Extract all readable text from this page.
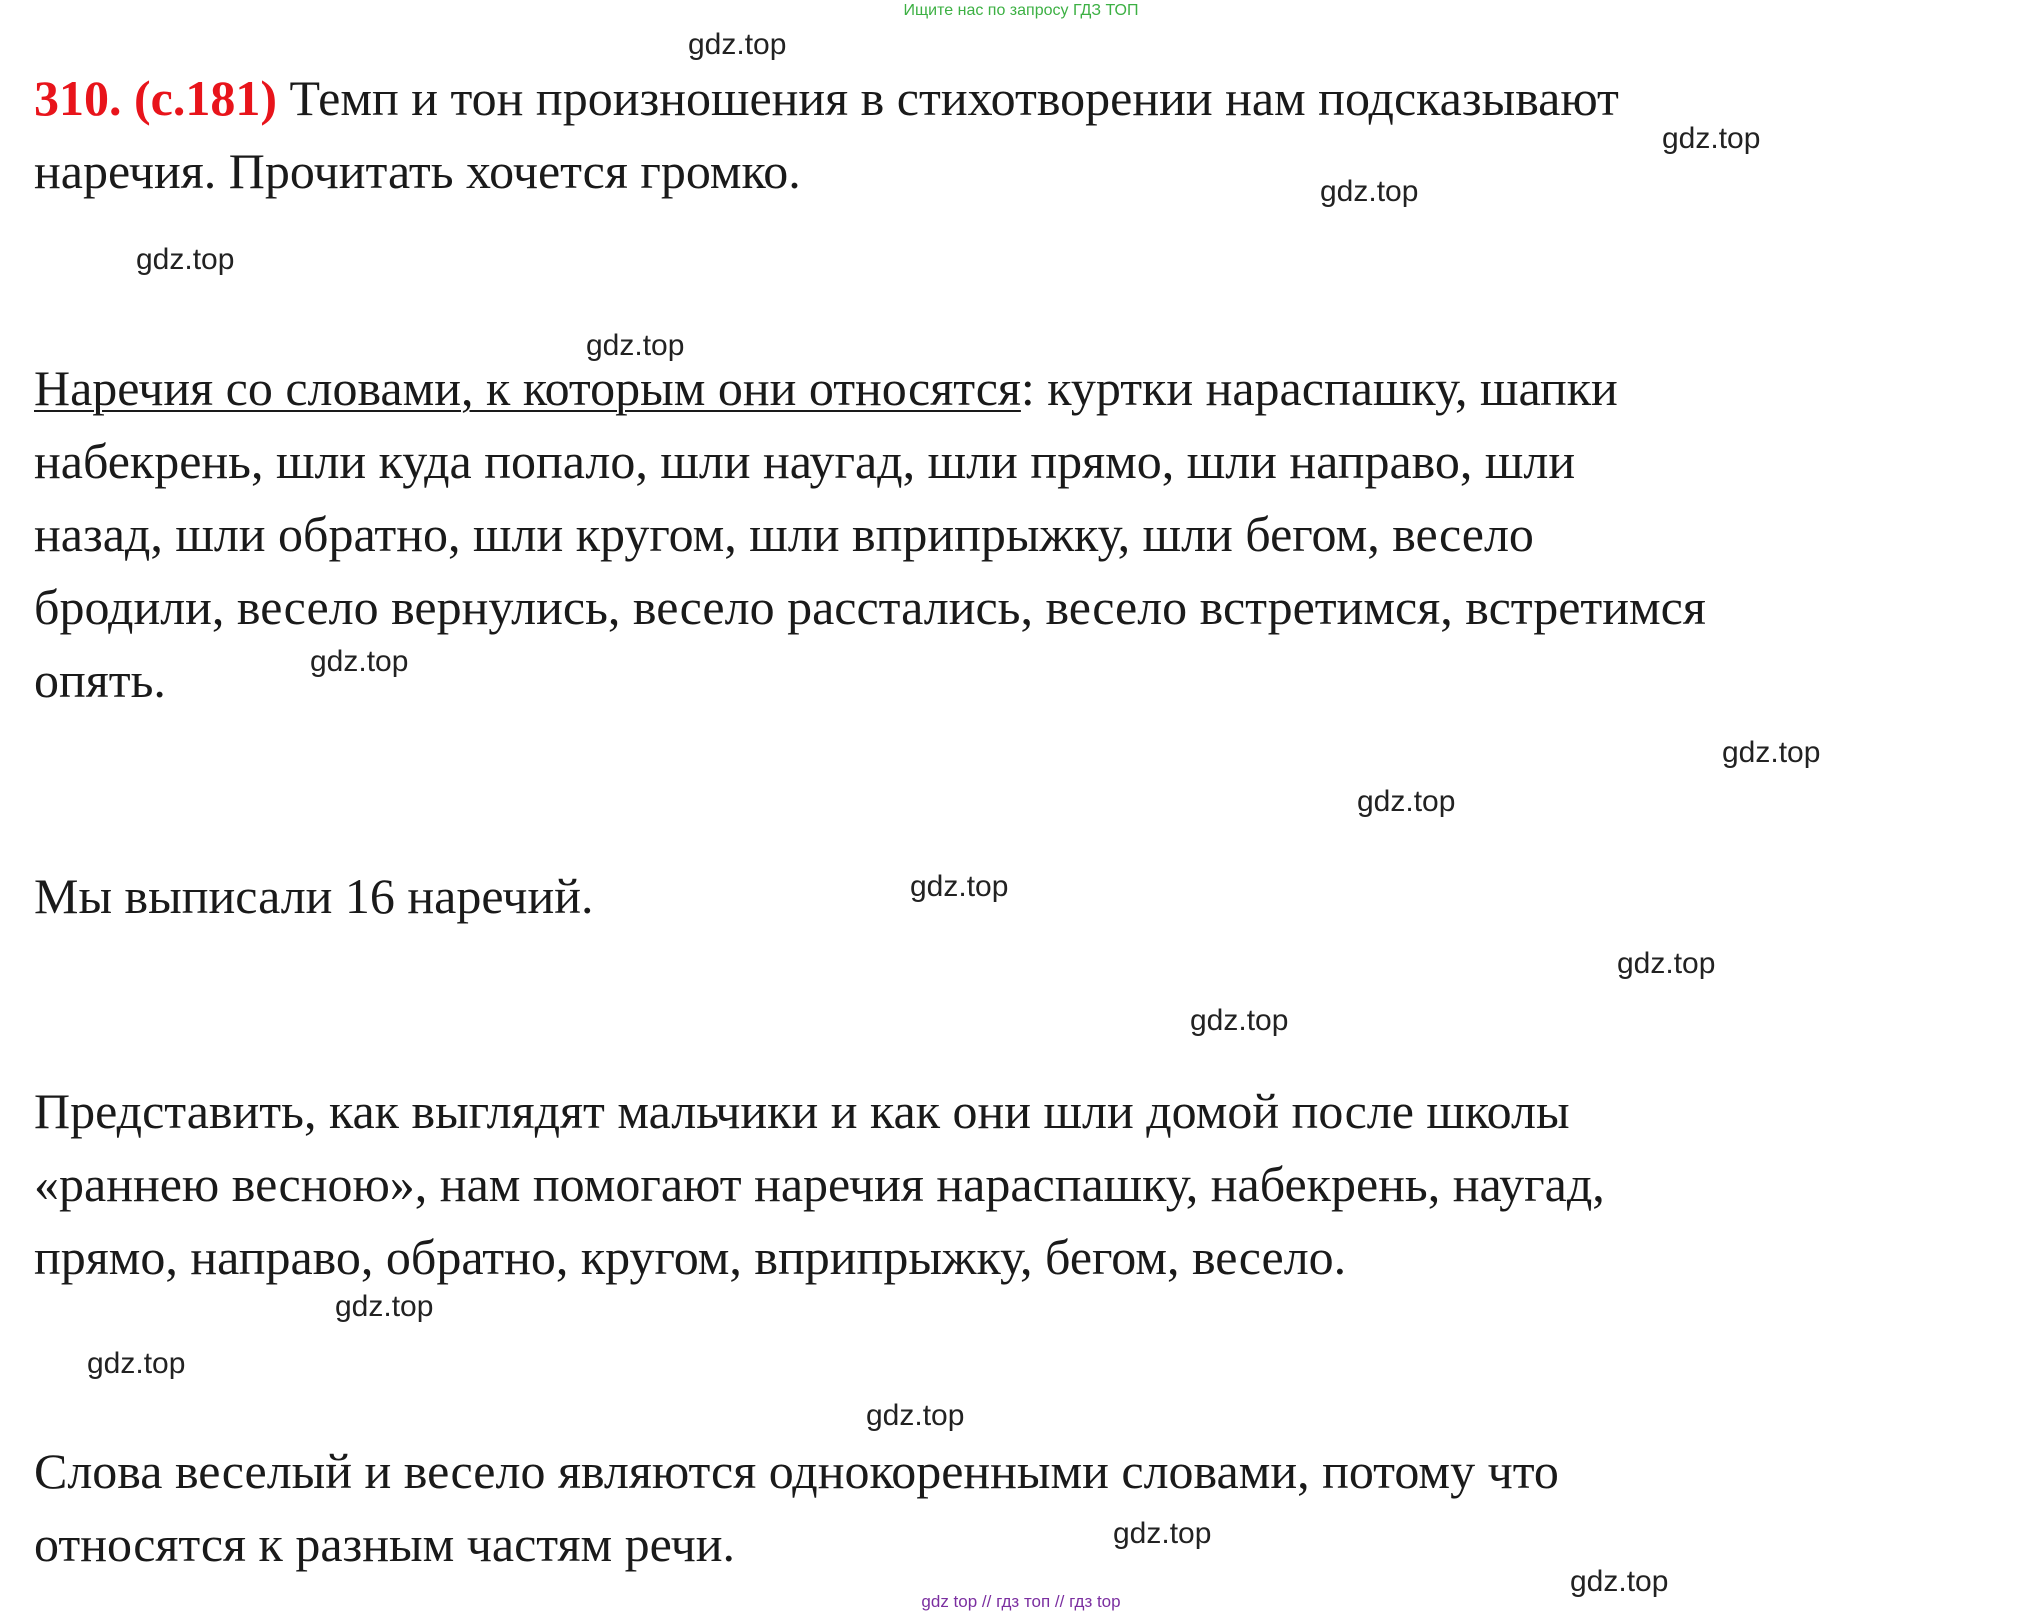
Ищите нас по запросу ГДЗ ТОП
310. (с.181) Темп и тон произношения в стихотворении нам подсказывают
наречия. Прочитать хочется громко.
Наречия со словами, к которым они относятся: куртки нараспашку, шапки
набекрень, шли куда попало, шли наугад, шли прямо, шли направо, шли
назад, шли обратно, шли кругом, шли вприпрыжку, шли бегом, весело
бродили, весело вернулись, весело расстались, весело встретимся, встретимся
опять.
Мы выписали 16 наречий.
Представить, как выглядят мальчики и как они шли домой после школы
«раннею весною», нам помогают наречия нараспашку, набекрень, наугад,
прямо, направо, обратно, кругом, вприпрыжку, бегом, весело.
Слова веселый и весело являются однокоренными словами, потому что
относятся к разным частям речи.
gdz.top
gdz.top
gdz.top
gdz.top
gdz.top
gdz.top
gdz.top
gdz.top
gdz.top
gdz.top
gdz.top
gdz.top
gdz.top
gdz.top
gdz.top
gdz.top
gdz top // гдз топ // гдз top
